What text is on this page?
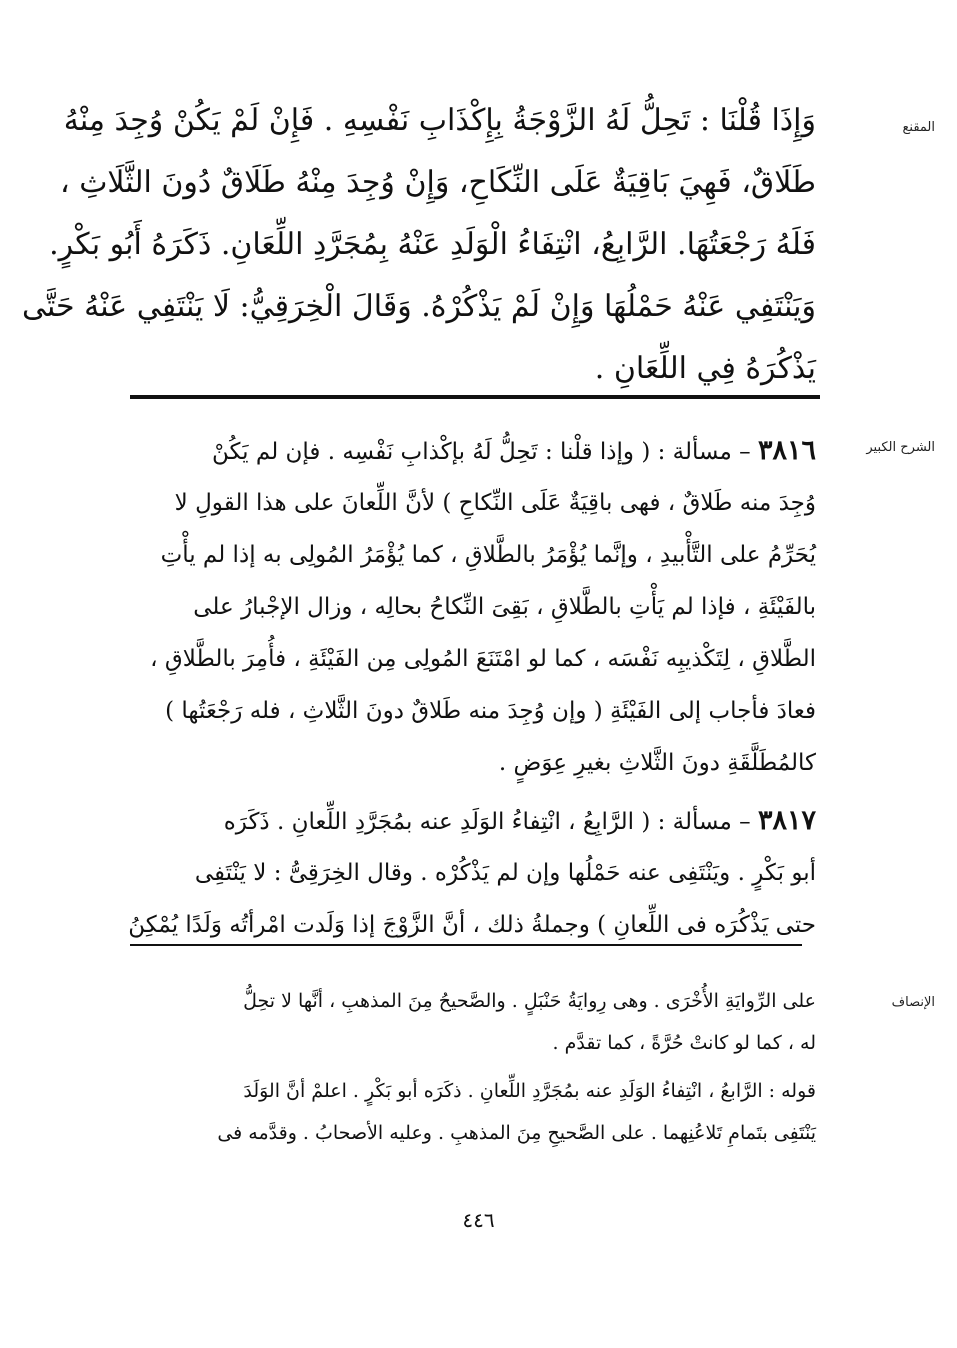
المقنع
وَإِذَا قُلْنَا : تَحِلُّ لَهُ الزَّوْجَةُ بِإِكْذَابِ نَفْسِهِ . فَإِنْ لَمْ يَكُنْ وُجِدَ مِنْهُ
طَلَاقٌ، فَهِيَ بَاقِيَةٌ عَلَى النِّكَاحِ، وَإِنْ وُجِدَ مِنْهُ طَلَاقٌ دُونَ الثَّلَاثِ ،
فَلَهُ رَجْعَتُهَا. الرَّابِعُ، انْتِفَاءُ الْوَلَدِ عَنْهُ بِمُجَرَّدِ اللِّعَانِ. ذَكَرَهُ أَبُو بَكْرٍ.
وَيَنْتَفِي عَنْهُ حَمْلُهَا وَإِنْ لَمْ يَذْكُرْهُ. وَقَالَ الْخِرَقِيُّ: لَا يَنْتَفِي عَنْهُ حَتَّى
يَذْكُرَهُ فِي اللِّعَانِ .
الشرح الكبير
٣٨١٦ – مسألة : ( وإذا قلْنا : تَحِلُّ لَهُ بإكْذابِ نَفْسِه . فإن لم يَكُنْ
وُجِدَ منه طَلاقٌ ، فهى باقِيَةٌ عَلَى النِّكاحِ ) لأنَّ اللِّعانَ على هذا القولِ لا
يُحَرِّمُ على التَّأْبيدِ ، وإنَّما يُؤْمَرُ بالطَّلاقِ ، كما يُؤْمَرُ المُولِى به إذا لم يأْتِ
بالفَيْئَةِ ، فإذا لم يَأْتِ بالطَّلاقِ ، بَقِىَ النِّكاحُ بحالِه ، وزال الإجْبارُ على
الطَّلاقِ ، لِتَكْذيبِه نَفْسَه ، كما لو امْتَنَعَ المُولِى مِن الفَيْئَةِ ، فأُمِرَ بالطَّلاقِ ،
فعادَ فأجاب إلى الفَيْئَةِ ( وإن وُجِدَ منه طَلاقٌ دونَ الثَّلاثِ ، فله رَجْعَتُها )
كالمُطَلَّقَةِ دونَ الثَّلاثِ بغيرِ عِوَضٍ .
٣٨١٧ – مسألة : ( الرَّابِعُ ، انْتِفاءُ الوَلَدِ عنه بمُجَرَّدِ اللِّعانِ . ذَكَرَه
أبو بَكْرٍ . ويَنْتَفِى عنه حَمْلُها وإن لم يَذْكُرْه . وقال الخِرَقِىُّ : لا يَنْتَفِى
حتى يَذْكُرَه فى اللِّعانِ ) وجملةُ ذلك ، أنَّ الزَّوْجَ إذا وَلَدت امْرأتُه وَلَدًا يُمْكِنُ
الإنصاف
على الرِّوايَةِ الأُخْرَى . وهى رِوايَةُ حَنْبَلٍ . والصَّحيحُ مِنَ المذهبِ ، أنَّها لا تحِلُّ
له ، كما لو كانتْ حُرَّةً ، كما تقدَّم .
قوله : الرَّابعُ ، انْتِفاءُ الوَلَدِ عنه بمُجَرَّدِ اللِّعانِ . ذكَرَه أبو بَكْرٍ . اعلمْ أنَّ الوَلَدَ
يَنْتَفِى بتَمامِ تَلاعُنِهما . على الصَّحيحِ مِنَ المذهبِ . وعليه الأصحابُ . وقدَّمه فى
٤٤٦
